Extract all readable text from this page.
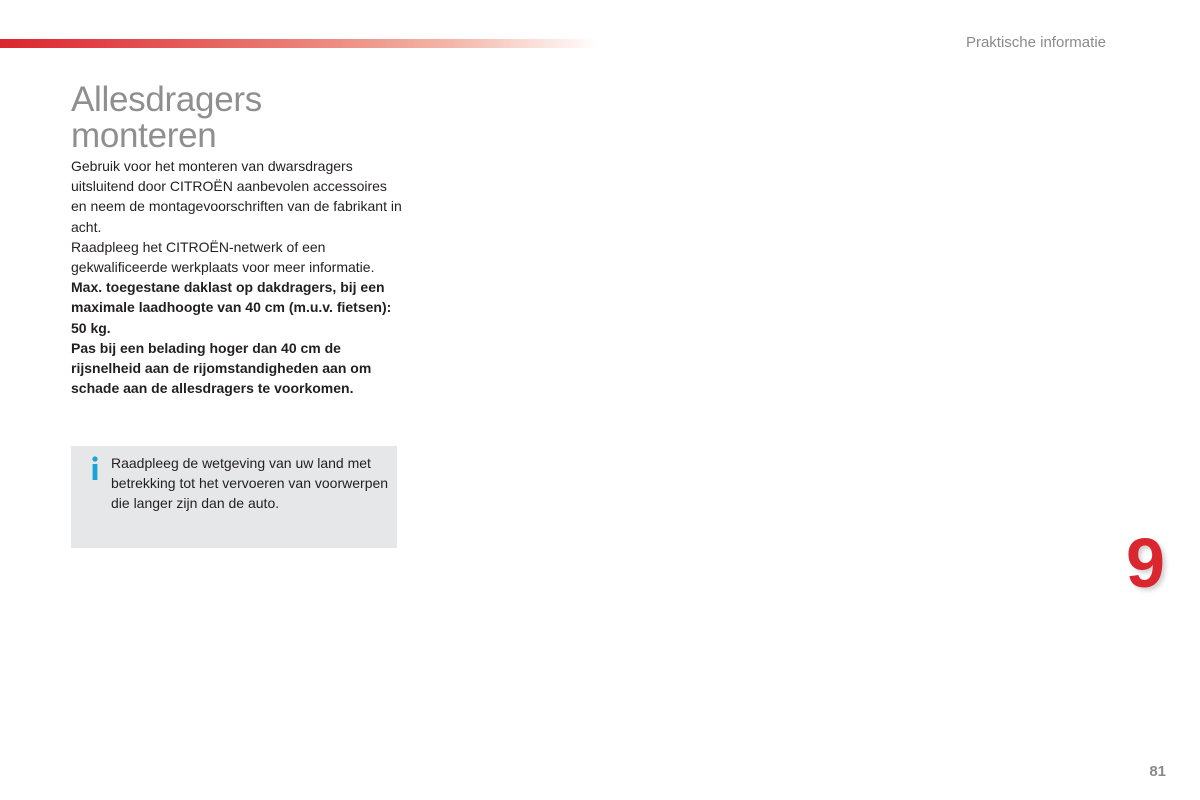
Praktische informatie
Allesdragers
monteren

Gebruik voor het monteren van dwarsdragers uitsluitend door CITROËN aanbevolen accessoires en neem de montagevoorschriften van de fabrikant in acht.

Raadpleeg het CITROËN-netwerk of een gekwalificeerde werkplaats voor meer informatie.

Max. toegestane daklast op dakdragers, bij een maximale laadhoogte van 40 cm (m.u.v. fietsen): 50 kg.

Pas bij een belading hoger dan 40 cm de rijsnelheid aan de rijomstandigheden aan om schade aan de allesdragers te voorkomen.

Raadpleeg de wetgeving van uw land met betrekking tot het vervoeren van voorwerpen die langer zijn dan de auto.
9
81
